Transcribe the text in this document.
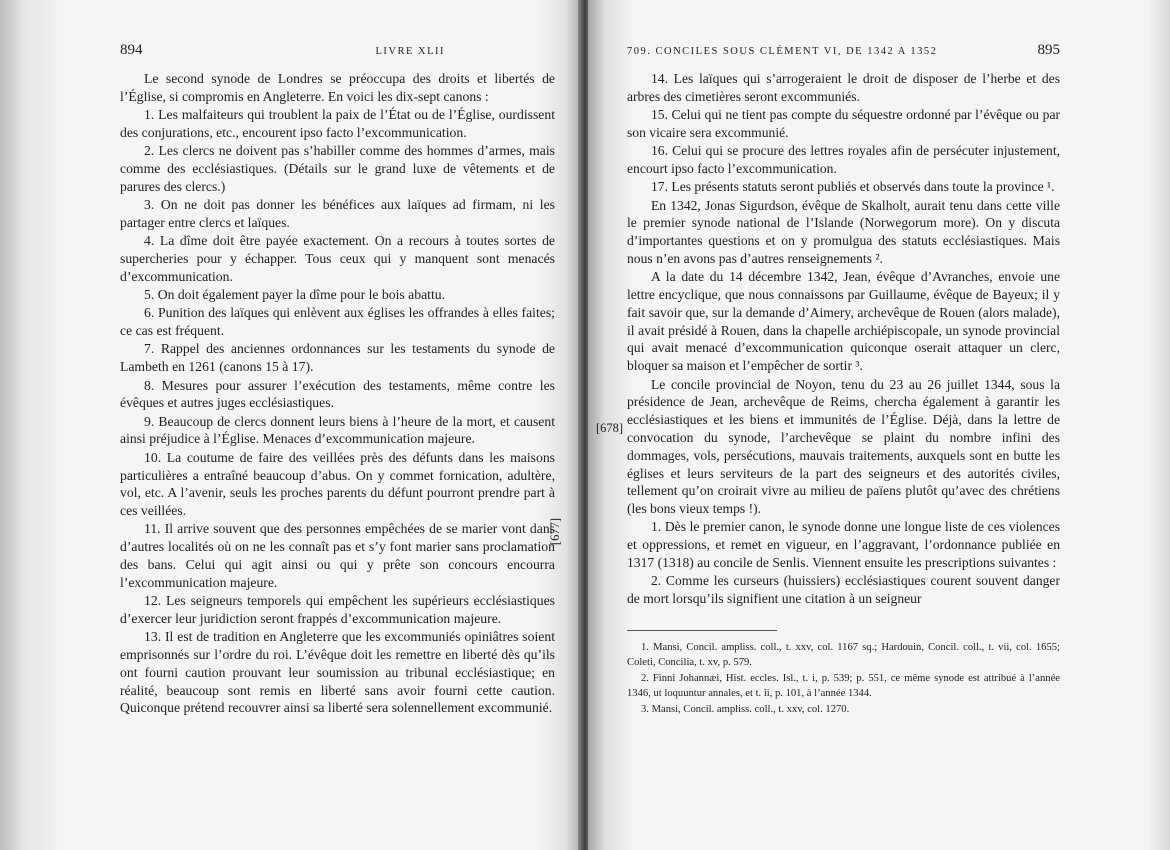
894	LIVRE XLII

Le second synode de Londres se préoccupa des droits et libertés de l’Église, si compromis en Angleterre. En voici les dix-sept canons :

1. Les malfaiteurs qui troublent la paix de l’État ou de l’Église, ourdissent des conjurations, etc., encourent ipso facto l’excommunication.

2. Les clercs ne doivent pas s’habiller comme des hommes d’armes, mais comme des ecclésiastiques. (Détails sur le grand luxe de vêtements et de parures des clercs.)

3. On ne doit pas donner les bénéfices aux laïques ad firmam, ni les partager entre clercs et laïques.

4. La dîme doit être payée exactement. On a recours à toutes sortes de supercheries pour y échapper. Tous ceux qui y manquent sont menacés d’excommunication.

5. On doit également payer la dîme pour le bois abattu.

6. Punition des laïques qui enlèvent aux églises les offrandes à elles faites; ce cas est fréquent.

7. Rappel des anciennes ordonnances sur les testaments du synode de Lambeth en 1261 (canons 15 à 17).

8. Mesures pour assurer l’exécution des testaments, même contre les évêques et autres juges ecclésiastiques.

9. Beaucoup de clercs donnent leurs biens à l’heure de la mort, et causent ainsi préjudice à l’Église. Menaces d’excommunication majeure.

10. La coutume de faire des veillées près des défunts dans les maisons particulières a entraîné beaucoup d’abus. On y commet fornication, adultère, vol, etc. A l’avenir, seuls les proches parents du défunt pourront prendre part à ces veillées.

11. Il arrive souvent que des personnes empêchées de se marier vont dans d’autres localités où on ne les connaît pas et s’y font marier sans proclamation des bans. Celui qui agit ainsi ou qui y prête son concours encourra l’excommunication majeure.

12. Les seigneurs temporels qui empêchent les supérieurs ecclésiastiques d’exercer leur juridiction seront frappés d’excommunication majeure.

13. Il est de tradition en Angleterre que les excommuniés opiniâtres soient emprisonnés sur l’ordre du roi. L’évêque doit les remettre en liberté dès qu’ils ont fourni caution prouvant leur soumission au tribunal ecclésiastique; en réalité, beaucoup sont remis en liberté sans avoir fourni cette caution. Quiconque prétend recouvrer ainsi sa liberté sera solennellement excommunié.

709. CONCILES SOUS CLÉMENT VI, DE 1342 A 1352	895

14. Les laïques qui s’arrogeraient le droit de disposer de l’herbe et des arbres des cimetières seront excommuniés.

15. Celui qui ne tient pas compte du séquestre ordonné par l’évêque ou par son vicaire sera excommunié.

16. Celui qui se procure des lettres royales afin de persécuter injustement, encourt ipso facto l’excommunication.

17. Les présents statuts seront publiés et observés dans toute la province ¹.

En 1342, Jonas Sigurdson, évêque de Skalholt, aurait tenu dans cette ville le premier synode national de l’Islande (Norwegorum more). On y discuta d’importantes questions et on y promulgua des statuts ecclésiastiques. Mais nous n’en avons pas d’autres renseignements ².

A la date du 14 décembre 1342, Jean, évêque d’Avranches, envoie une lettre encyclique, que nous connaissons par Guillaume, évêque de Bayeux; il y fait savoir que, sur la demande d’Aimery, archevêque de Rouen (alors malade), il avait présidé à Rouen, dans la chapelle archiépiscopale, un synode provincial qui avait menacé d’excommunication quiconque oserait attaquer un clerc, bloquer sa maison et l’empêcher de sortir ³.

Le concile provincial de Noyon, tenu du 23 au 26 juillet 1344, sous la présidence de Jean, archevêque de Reims, chercha également à garantir les ecclésiastiques et les biens et immunités de l’Église. Déjà, dans la lettre de convocation du synode, l’archevêque se plaint du nombre infini des dommages, vols, persécutions, mauvais traitements, auxquels sont en butte les églises et leurs serviteurs de la part des seigneurs et des autorités civiles, tellement qu’on croirait vivre au milieu de païens plutôt qu’avec des chrétiens (les bons vieux temps !).

1. Dès le premier canon, le synode donne une longue liste de ces violences et oppressions, et remet en vigueur, en l’aggravant, l’ordonnance publiée en 1317 (1318) au concile de Senlis. Viennent ensuite les prescriptions suivantes :

2. Comme les curseurs (huissiers) ecclésiastiques courent souvent danger de mort lorsqu’ils signifient une citation à un seigneur

1. Mansi, Concil. ampliss. coll., t. xxv, col. 1167 sq.; Hardouin, Concil. coll., t. vii, col. 1655; Coleti, Concilia, t. xv, p. 579.

2. Finni Johannæi, Hist. eccles. Isl., t. i, p. 539; p. 551, ce même synode est attribué à l’année 1346, ut loquuntur annales, et t. ii, p. 101, à l’année 1344.

3. Mansi, Concil. ampliss. coll., t. xxv, col. 1270.

[677]
[678]
